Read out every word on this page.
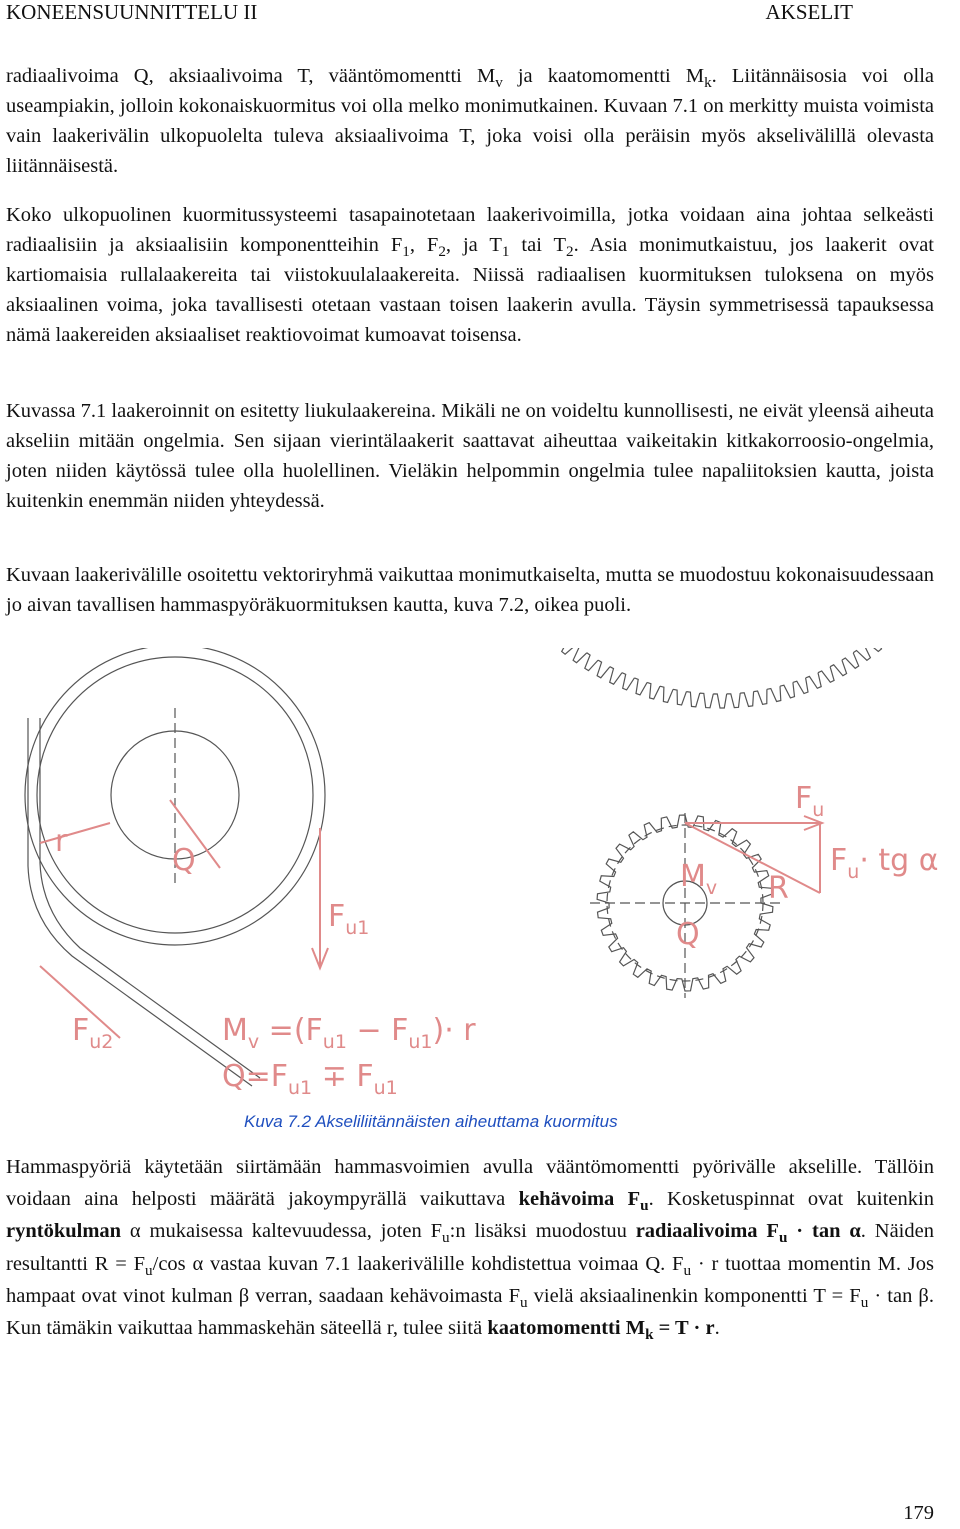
KONEENSUUNNITTELU II	AKSELIT
radiaalivoima Q, aksiaalivoima T, vääntömomentti $M_v$ ja kaatomomentti $M_k$. Liitännäisosia voi olla useampiakin, jolloin kokonaiskuormitus voi olla melko monimutkainen. Kuvaan 7.1 on merkitty muista voimista vain laakerivälin ulkopuolelta tuleva aksiaalivoima T, joka voisi olla peräisin myös akselivälillä olevasta liitännäisestä.
Koko ulkopuolinen kuormitussysteemi tasapainotetaan laakerivoimilla, jotka voidaan aina johtaa selkeästi radiaalisiin ja aksiaalisiin komponentteihin $F_1$, $F_2$, ja $T_1$ tai $T_2$. Asia monimutkaistuu, jos laakerit ovat kartiomaisia rullalaakereita tai viistokuulalaakereita. Niissä radiaalisen kuormituksen tuloksena on myös aksiaalinen voima, joka tavallisesti otetaan vastaan toisen laakerin avulla. Täysin symmetrisessä tapauksessa nämä laakereiden aksiaaliset reaktiovoimat kumoavat toisensa.
Kuvassa 7.1 laakeroinnit on esitetty liukulaakereina. Mikäli ne on voideltu kunnollisesti, ne eivät yleensä aiheuta akseliin mitään ongelmia. Sen sijaan vierintälaakerit saattavat aiheuttaa vaikeitakin kitkakorroosio-ongelmia, joten niiden käytössä tulee olla huolellinen. Vieläkin helpommin ongelmia tulee napaliitoksien kautta, joista kuitenkin enemmän niiden yhteydessä.
Kuvaan laakerivälille osoitettu vektoriryhmä vaikuttaa monimutkaiselta, mutta se muodostuu kokonaisuudessaan jo aivan tavallisen hammaspyöräkuormituksen kautta, kuva 7.2, oikea puoli.
r
Q
$F_{u1}$
$F_{u2}$	$M_v =(F_{u1} - F_{u1})\cdot r$
$Q=F_{u1} \mp F_{u1}$
$F_u$
$F_u\cdot$ tg α
$M_v$ R
Q
Kuva 7.2 Akseliliitännäisten aiheuttama kuormitus
Hammaspyöriä käytetään siirtämään hammasvoimien avulla vääntömomentti pyörivälle akselille. Tällöin voidaan aina helposti määrätä jakoympyrällä vaikuttava kehävoima $F_u$. Kosketuspinnat ovat kuitenkin ryntökulman α mukaisessa kaltevuudessa, joten $F_u:n$ lisäksi muodostuu radiaalivoima $F_u \cdot \tan \alpha$. Näiden resultantti $R = F_u/\cos$ α vastaa kuvan 7.1 laakerivälille kohdistettua voimaa Q. $F_u \cdot r$ tuottaa momentin M. Jos hampaat ovat vinot kulman β verran, saadaan kehävoimasta $F_u$ vielä aksiaalinenkin komponentti $T = F_u \cdot \tan \beta$. Kun tämäkin vaikuttaa hammaskehän säteellä r, tulee siitä kaatomomentti $M_k = T \cdot r$.
179
